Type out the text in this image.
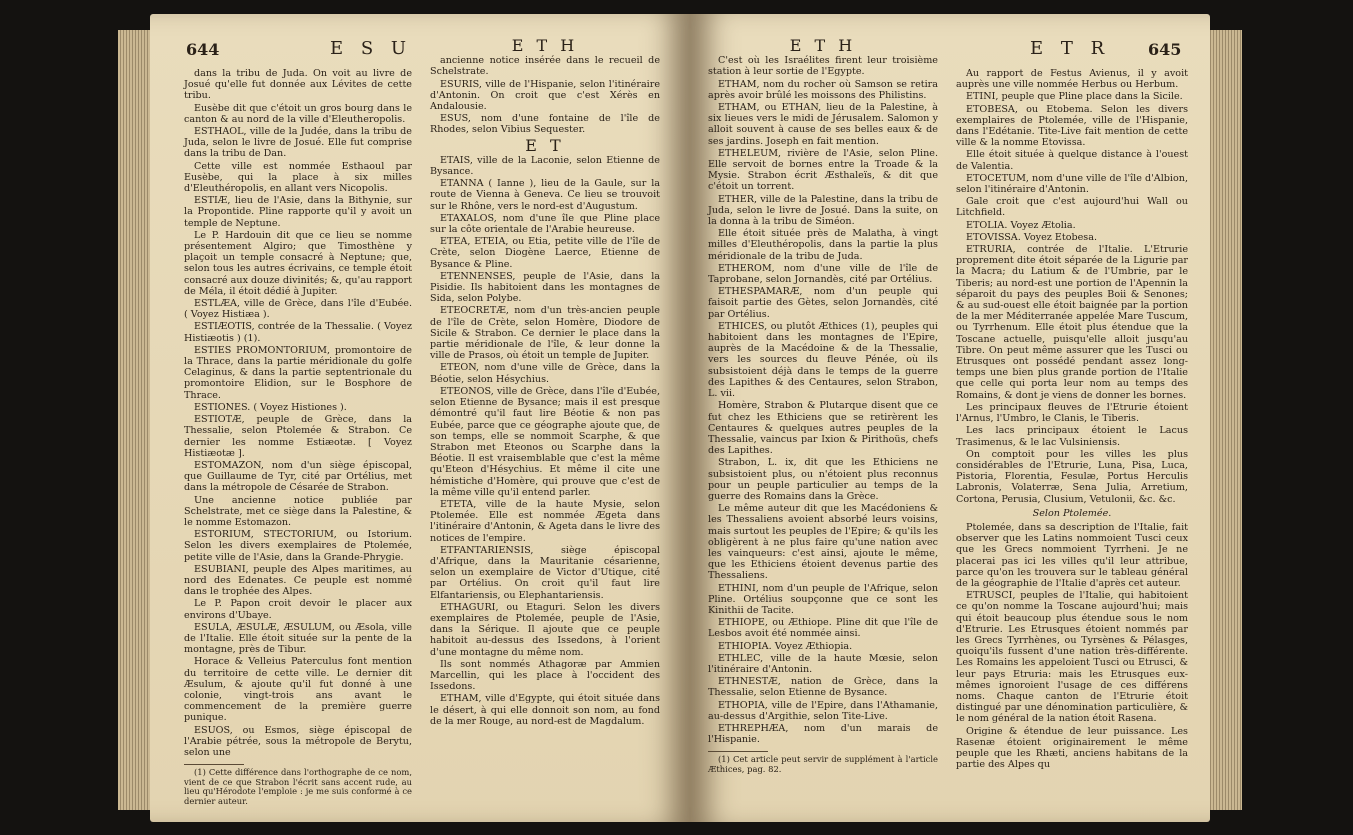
644	E S U

dans la tribu de Juda. On voit au livre de Josué qu'elle fut donnée aux Lévites de cette tribu.

Eusèbe dit que c'étoit un gros bourg dans le canton & au nord de la ville d'Eleutheropolis.

ESTHAOL, ville de la Judée, dans la tribu de Juda, selon le livre de Josué. Elle fut comprise dans la tribu de Dan.

Cette ville est nommée Esthaoul par Eusèbe, qui la place à six milles d'Eleuthéropolis, en allant vers Nicopolis.

ESTIÆ, lieu de l'Asie, dans la Bithynie, sur la Propontide. Pline rapporte qu'il y avoit un temple de Neptune.

Le P. Hardouin dit que ce lieu se nomme présentement Algiro; que Timosthène y plaçoit un temple consacré à Neptune; que, selon tous les autres écrivains, ce temple étoit consacré aux douze divinités; &, qu'au rapport de Méla, il étoit dédié à Jupiter.

ESTLÆA, ville de Grèce, dans l'île d'Eubée. ( Voyez Histiæa ).

ESTIÆOTIS, contrée de la Thessalie. ( Voyez Histiæotis ) (1).

ESTIES PROMONTORIUM, promontoire de la Thrace, dans la partie méridionale du golfe Celaginus, & dans la partie septentrionale du promontoire Elidion, sur le Bosphore de Thrace.

ESTIONES. ( Voyez Histiones ).

ESTIOTÆ, peuple de Grèce, dans la Thessalie, selon Ptolemée & Strabon. Ce dernier les nomme Estiæotæ. [ Voyez Histiæotæ ].

ESTOMAZON, nom d'un siège épiscopal, que Guillaume de Tyr, cité par Ortélius, met dans la métropole de Césarée de Strabon.

Une ancienne notice publiée par Schelstrate, met ce siège dans la Palestine, & le nomme Estomazon.

ESTORIUM, STECTORIUM, ou Istorium. Selon les divers exemplaires de Ptolemée, petite ville de l'Asie, dans la Grande-Phrygie.

ESUBIANI, peuple des Alpes maritimes, au nord des Edenates. Ce peuple est nommé dans le trophée des Alpes.

Le P. Papon croit devoir le placer aux environs d'Ubaye.

ESULA, ÆSULÆ, ÆSULUM, ou Æsola, ville de l'Italie. Elle étoit située sur la pente de la montagne, près de Tibur.

Horace & Velleius Paterculus font mention du territoire de cette ville. Le dernier dit Æsulum, & ajoute qu'il fut donné à une colonie, vingt-trois ans avant le commencement de la première guerre punique.

ESUOS, ou Esmos, siège épiscopal de l'Arabie pétrée, sous la métropole de Berytu, selon une

(1) Cette différence dans l'orthographe de ce nom, vient de ce que Strabon l'écrit sans accent rude, au lieu qu'Hérodote l'emploie : je me suis conformé à ce dernier auteur.

E T H

ancienne notice insérée dans le recueil de Schelstrate.

ESURIS, ville de l'Hispanie, selon l'itinéraire d'Antonin. On croit que c'est Xérès en Andalousie.

ESUS, nom d'une fontaine de l'île de Rhodes, selon Vibius Sequester.

E T

ETAIS, ville de la Laconie, selon Etienne de Bysance.

ETANNA ( Ianne ), lieu de la Gaule, sur la route de Vienna à Geneva. Ce lieu se trouvoit sur le Rhône, vers le nord-est d'Augustum.

ETAXALOS, nom d'une île que Pline place sur la côte orientale de l'Arabie heureuse.

ETEA, ETEIA, ou Etia, petite ville de l'île de Crète, selon Diogène Laerce, Etienne de Bysance & Pline.

ETENNENSES, peuple de l'Asie, dans la Pisidie. Ils habitoient dans les montagnes de Sida, selon Polybe.

ETEOCRETÆ, nom d'un très-ancien peuple de l'île de Crète, selon Homère, Diodore de Sicile & Strabon. Ce dernier le place dans la partie méridionale de l'île, & leur donne la ville de Prasos, où étoit un temple de Jupiter.

ETEON, nom d'une ville de Grèce, dans la Béotie, selon Hésychius.

ETEONOS, ville de Grèce, dans l'île d'Eubée, selon Etienne de Bysance; mais il est presque démontré qu'il faut lire Béotie & non pas Eubée, parce que ce géographe ajoute que, de son temps, elle se nommoit Scarphe, & que Strabon met Eteonos ou Scarphe dans la Béotie. Il est vraisemblable que c'est la même qu'Eteon d'Hésychius. Et même il cite une hémistiche d'Homère, qui prouve que c'est de la même ville qu'il entend parler.

ETETA, ville de la haute Mysie, selon Ptolemée. Elle est nommée Ægeta dans l'itinéraire d'Antonin, & Ageta dans le livre des notices de l'empire.

ETFANTARIENSIS, siège épiscopal d'Afrique, dans la Mauritanie césarienne, selon un exemplaire de Victor d'Utique, cité par Ortélius. On croit qu'il faut lire Elfantariensis, ou Elephantariensis.

ETHAGURI, ou Etaguri. Selon les divers exemplaires de Ptolemée, peuple de l'Asie, dans la Sérique. Il ajoute que ce peuple habitoit au-dessus des Issedons, à l'orient d'une montagne du même nom.

Ils sont nommés Athagoræ par Ammien Marcellin, qui les place à l'occident des Issedons.

ETHAM, ville d'Egypte, qui étoit située dans le désert, à qui elle donnoit son nom, au fond de la mer Rouge, au nord-est de Magdalum.

E T R 645
E T H

C'est où les Israélites firent leur troisième station à leur sortie de l'Egypte.

ETHAM, nom du rocher où Samson se retira après avoir brûlé les moissons des Philistins.

ETHAM, ou ETHAN, lieu de la Palestine, à six lieues vers le midi de Jérusalem. Salomon y alloit souvent à cause de ses belles eaux & de ses jardins. Joseph en fait mention.

ETHELEUM, rivière de l'Asie, selon Pline. Elle servoit de bornes entre la Troade & la Mysie. Strabon écrit Æsthaleïs, & dit que c'étoit un torrent.

ETHER, ville de la Palestine, dans la tribu de Juda, selon le livre de Josué. Dans la suite, on la donna à la tribu de Siméon.

Elle étoit située près de Malatha, à vingt milles d'Eleuthéropolis, dans la partie la plus méridionale de la tribu de Juda.

ETHEROM, nom d'une ville de l'île de Taprobane, selon Jornandès, cité par Ortélius.

ETHESPAMARÆ, nom d'un peuple qui faisoit partie des Gètes, selon Jornandès, cité par Ortélius.

ETHICES, ou plutôt Æthices (1), peuples qui habitoient dans les montagnes de l'Epire, auprès de la Macédoine & de la Thessalie, vers les sources du fleuve Pénée, où ils subsistoient déjà dans le temps de la guerre des Lapithes & des Centaures, selon Strabon, L. vii.

Homère, Strabon & Plutarque disent que ce fut chez les Ethiciens que se retirèrent les Centaures & quelques autres peuples de la Thessalie, vaincus par Ixion & Pirithoüs, chefs des Lapithes.

Strabon, L. ix, dit que les Ethiciens ne subsistoient plus, ou n'étoient plus reconnus pour un peuple particulier au temps de la guerre des Romains dans la Grèce.

Le même auteur dit que les Macédoniens & les Thessaliens avoient absorbé leurs voisins, mais surtout les peuples de l'Epire; & qu'ils les obligèrent à ne plus faire qu'une nation avec les vainqueurs: c'est ainsi, ajoute le même, que les Ethiciens étoient devenus partie des Thessaliens.

ETHINI, nom d'un peuple de l'Afrique, selon Pline. Ortélius soupçonne que ce sont les Kinithii de Tacite.

ETHIOPE, ou Æthiope. Pline dit que l'île de Lesbos avoit été nommée ainsi.

ETHIOPIA. Voyez Æthiopia.

ETHLEC, ville de la haute Mœsie, selon l'itinéraire d'Antonin.

ETHNESTÆ, nation de Grèce, dans la Thessalie, selon Etienne de Bysance.

ETHOPIA, ville de l'Epire, dans l'Athamanie, au-dessus d'Argithie, selon Tite-Live.

ETHREPHÆA, nom d'un marais de l'Hispanie.

(1) Cet article peut servir de supplément à l'article Æthices, pag. 82.

Au rapport de Festus Avienus, il y avoit auprès une ville nommée Herbus ou Herbum.

ETINI, peuple que Pline place dans la Sicile.

ETOBESA, ou Etobema. Selon les divers exemplaires de Ptolemée, ville de l'Hispanie, dans l'Edétanie. Tite-Live fait mention de cette ville & la nomme Etovissa.

Elle étoit située à quelque distance à l'ouest de Valentia.

ETOCETUM, nom d'une ville de l'île d'Albion, selon l'itinéraire d'Antonin.

Gale croit que c'est aujourd'hui Wall ou Litchfield.

ETOLIA. Voyez Ætolia.

ETOVISSA. Voyez Etobesa.

ETRURIA, contrée de l'Italie. L'Etrurie proprement dite étoit séparée de la Ligurie par la Macra; du Latium & de l'Umbrie, par le Tiberis; au nord-est une portion de l'Apennin la séparoit du pays des peuples Boii & Senones; & au sud-ouest elle étoit baignée par la portion de la mer Méditerranée appelée Mare Tuscum, ou Tyrrhenum. Elle étoit plus étendue que la Toscane actuelle, puisqu'elle alloit jusqu'au Tibre. On peut même assurer que les Tusci ou Etrusques ont possédé pendant assez long-temps une bien plus grande portion de l'Italie que celle qui porta leur nom au temps des Romains, & dont je viens de donner les bornes.

Les principaux fleuves de l'Etrurie étoient l'Arnus, l'Umbro, le Clanis, le Tiberis.

Les lacs principaux étoient le Lacus Trasimenus, & le lac Vulsiniensis.

On comptoit pour les villes les plus considérables de l'Etrurie, Luna, Pisa, Luca, Pistoria, Florentia, Fesulæ, Portus Herculis Labronis, Volaterræ, Sena Julia, Arretium, Cortona, Perusia, Clusium, Vetulonii, &c. &c.

Selon Ptolemée.

Ptolemée, dans sa description de l'Italie, fait observer que les Latins nommoient Tusci ceux que les Grecs nommoient Tyrrheni. Je ne placerai pas ici les villes qu'il leur attribue, parce qu'on les trouvera sur le tableau général de la géographie de l'Italie d'après cet auteur.

ETRUSCI, peuples de l'Italie, qui habitoient ce qu'on nomme la Toscane aujourd'hui; mais qui étoit beaucoup plus étendue sous le nom d'Etrurie. Les Etrusques étoient nommés par les Grecs Tyrrhènes, ou Tyrsènes & Pélasges, quoiqu'ils fussent d'une nation très-différente. Les Romains les appeloient Tusci ou Etrusci, & leur pays Etruria: mais les Etrusques eux-mêmes ignoroient l'usage de ces différens noms. Chaque canton de l'Etrurie étoit distingué par une dénomination particulière, & le nom général de la nation étoit Rasena.

Origine & étendue de leur puissance. Les Rasenæ étoient originairement le même peuple que les Rhæti, anciens habitans de la partie des Alpes qu
